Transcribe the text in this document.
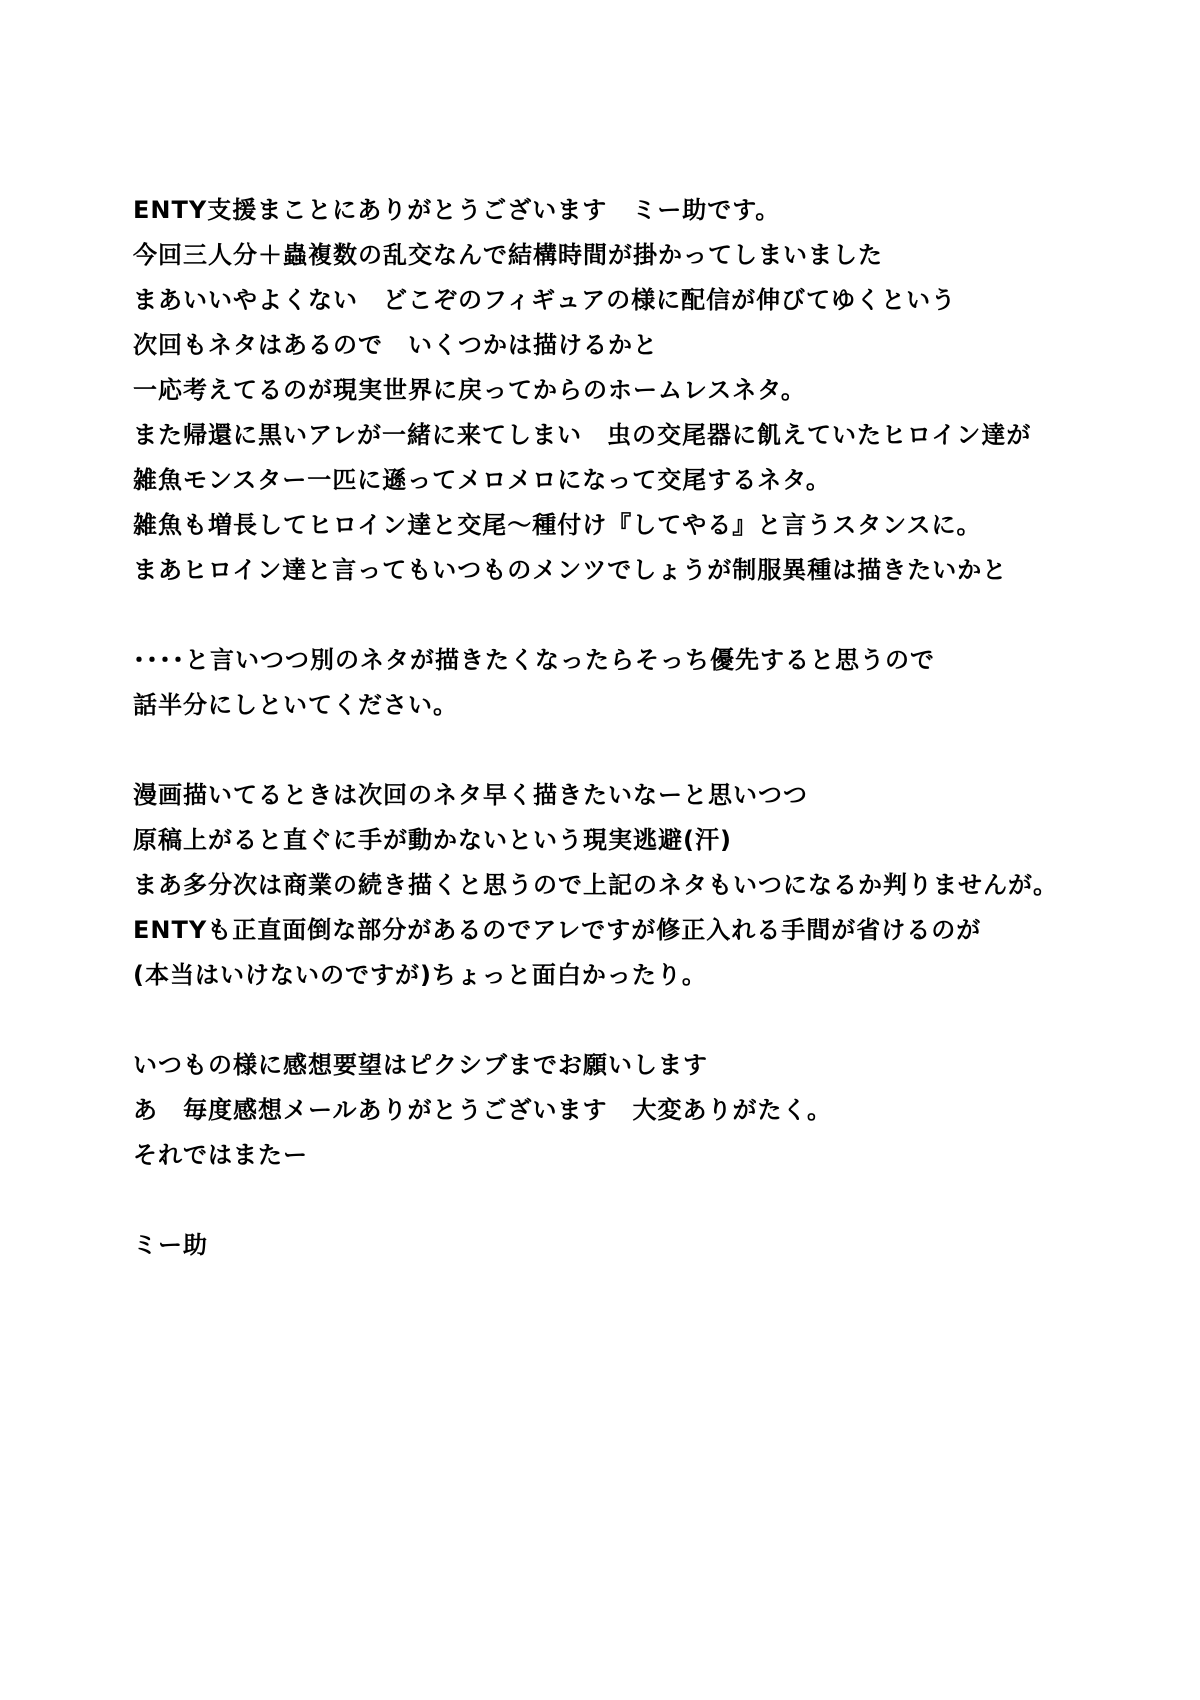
ENTY支援まことにありがとうございます　ミー助です。
今回三人分＋蟲複数の乱交なんで結構時間が掛かってしまいました
まあいいやよくない　どこぞのフィギュアの様に配信が伸びてゆくという
次回もネタはあるので　いくつかは描けるかと
一応考えてるのが現実世界に戻ってからのホームレスネタ。
また帰還に黒いアレが一緒に来てしまい　虫の交尾器に飢えていたヒロイン達が
雑魚モンスター一匹に遜ってメロメロになって交尾するネタ。
雑魚も増長してヒロイン達と交尾～種付け『してやる』と言うスタンスに。
まあヒロイン達と言ってもいつものメンツでしょうが制服異種は描きたいかと
････と言いつつ別のネタが描きたくなったらそっち優先すると思うので
話半分にしといてください。
漫画描いてるときは次回のネタ早く描きたいなーと思いつつ
原稿上がると直ぐに手が動かないという現実逃避(汗)
まあ多分次は商業の続き描くと思うので上記のネタもいつになるか判りませんが。
ENTYも正直面倒な部分があるのでアレですが修正入れる手間が省けるのが
(本当はいけないのですが)ちょっと面白かったり。
いつもの様に感想要望はピクシブまでお願いします
あ　毎度感想メールありがとうございます　大変ありがたく。
それではまたー
ミー助
